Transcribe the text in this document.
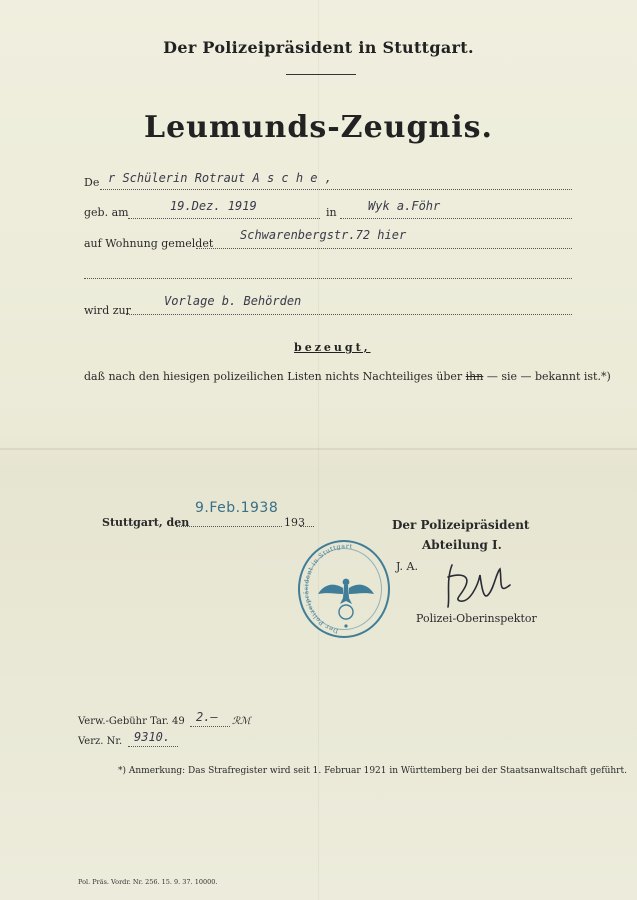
Der Polizeipräsident in Stuttgart.
Leumunds-Zeugnis.
De r Schülerin Rotraut A s c h e ,
geb. am	19.Dez. 1919	in	Wyk a.Föhr
auf Wohnung gemeldet
Schwarenbergstr.72 hier
wird zur
Vorlage b. Behörden
bezeugt,
daß nach den hiesigen polizeilichen Listen nichts Nachteiliges über ihn — sie — bekannt ist.*)
Stuttgart, den
9.Feb.1938
193	Der Polizeipräsident
Abteilung I.
J. A.
Polizei-Oberinspektor
Der Polizeipräsident in Stuttgart
Verw.-Gebühr Tar. 49 2.– ℛℳ
Verz. Nr. 9310.
*) Anmerkung: Das Strafregister wird seit 1. Februar 1921 in Württemberg bei der Staatsanwaltschaft geführt.
Pol. Präs. Vordr. Nr. 256. 15. 9. 37. 10000.
